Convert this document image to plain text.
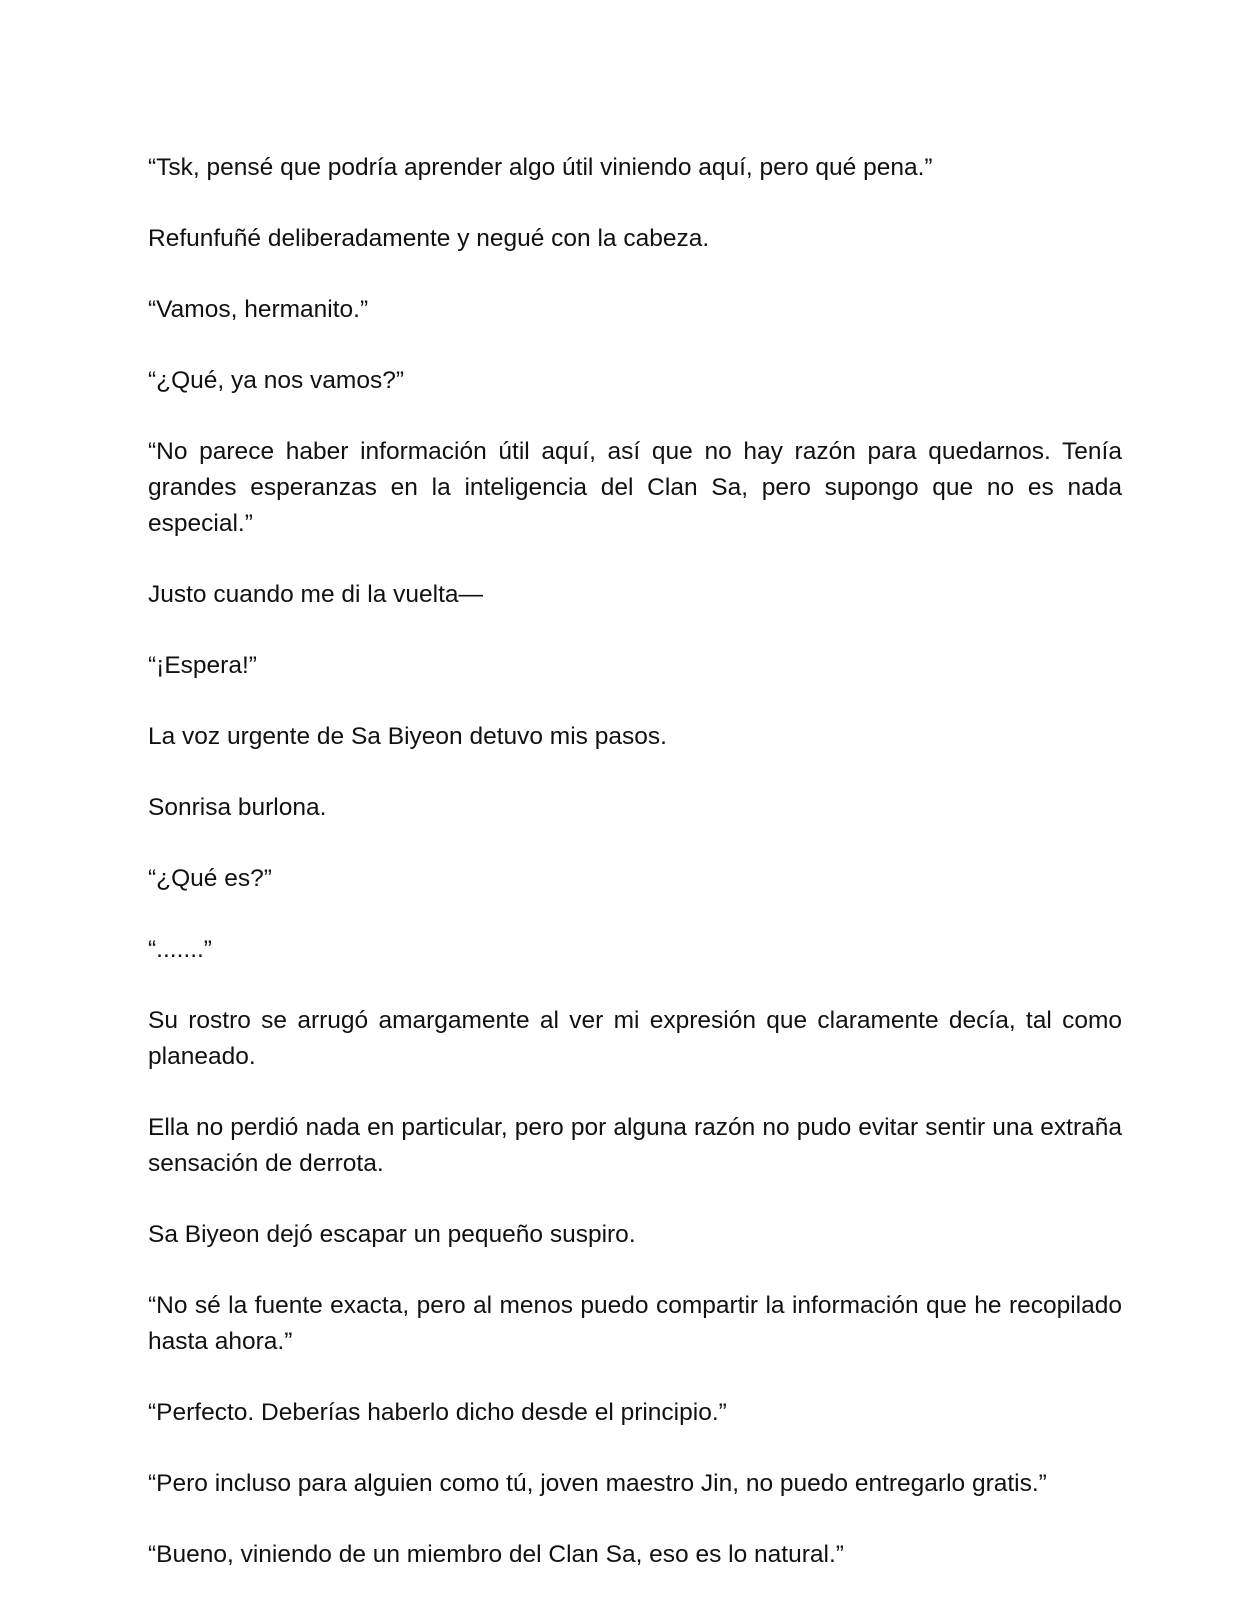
“Tsk, pensé que podría aprender algo útil viniendo aquí, pero qué pena.”

Refunfuñé deliberadamente y negué con la cabeza.

“Vamos, hermanito.”

“¿Qué, ya nos vamos?”

“No parece haber información útil aquí, así que no hay razón para quedarnos. Tenía grandes esperanzas en la inteligencia del Clan Sa, pero supongo que no es nada especial.”

Justo cuando me di la vuelta—

“¡Espera!”

La voz urgente de Sa Biyeon detuvo mis pasos.

Sonrisa burlona.

“¿Qué es?”

“.......”

Su rostro se arrugó amargamente al ver mi expresión que claramente decía, tal como planeado.

Ella no perdió nada en particular, pero por alguna razón no pudo evitar sentir una extraña sensación de derrota.

Sa Biyeon dejó escapar un pequeño suspiro.

“No sé la fuente exacta, pero al menos puedo compartir la información que he recopilado hasta ahora.”

“Perfecto. Deberías haberlo dicho desde el principio.”

“Pero incluso para alguien como tú, joven maestro Jin, no puedo entregarlo gratis.”

“Bueno, viniendo de un miembro del Clan Sa, eso es lo natural.”
